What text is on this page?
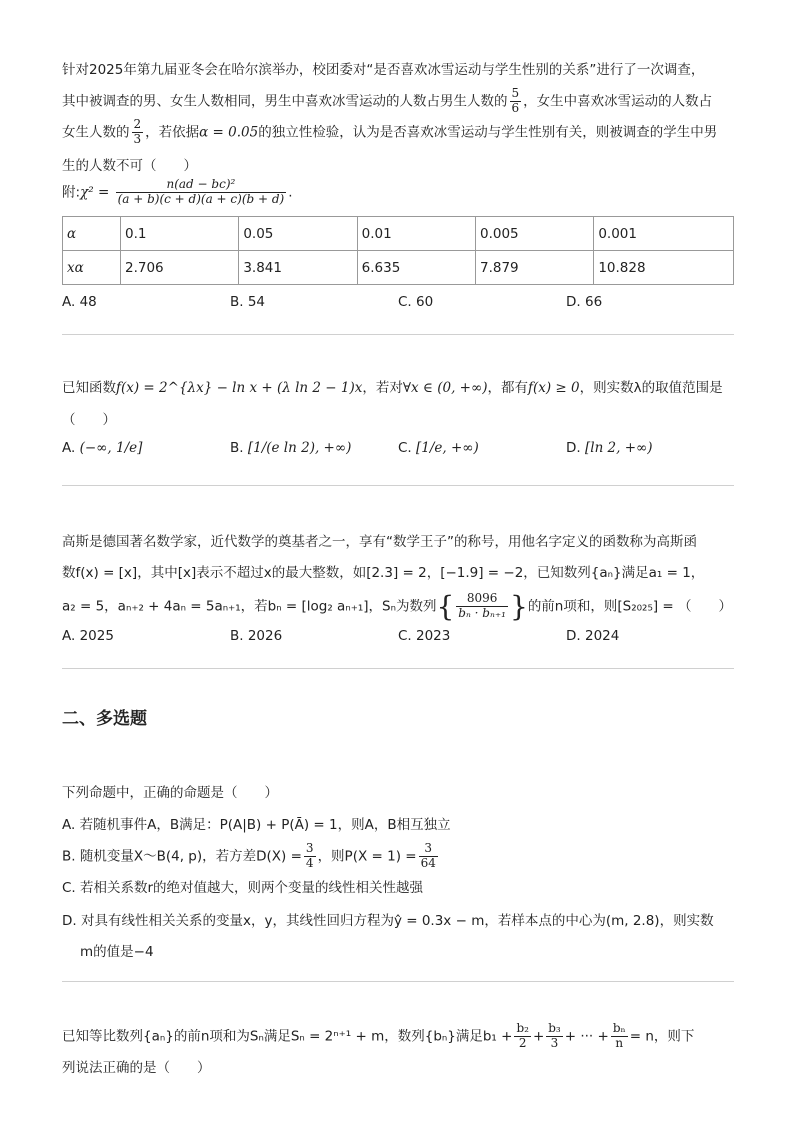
针对2025年第九届亚冬会在哈尔滨举办，校团委对“是否喜欢冰雪运动与学生性别的关系”进行了一次调查，
其中被调查的男、女生人数相同，男生中喜欢冰雪运动的人数占男生人数的 $\frac{5}{6}$ ，女生中喜欢冰雪运动的人数占
女生人数的 $\frac{2}{3}$ ，若依据α = 0.05的独立性检验，认为是否喜欢冰雪运动与学生性别有关，则被调查的学生中男
生的人数不可（　　）
附:χ² = $\frac{\text{n(ad − bc)²}}{(a + b)(c + d)(a + c)(b + d)}$ .
α	0.1	0.05	0.01	0.005	0.001
xα	2.706	3.841	6.635	7.879	10.828
A. 48	B. 54	C. 60	D. 66
已知函数f(x) = 2^{λx} − ln x + (λ ln 2 − 1)x，若对∀x ∈ (0, +∞)，都有f(x) ≥ 0，则实数λ的取值范围是
（　　）
A. (−∞, 1/e]	B. [1/(e ln 2), +∞)	C. [1/e, +∞)	D. [ln 2, +∞)
高斯是德国著名数学家，近代数学的奠基者之一，享有“数学王子”的称号，用他名字定义的函数称为高斯函
数f(x) = [x]，其中[x]表示不超过x的最大整数，如[2.3] = 2，[−1.9] = −2，已知数列{aₙ}满足a₁ = 1，
a₂ = 5，aₙ₊₂ + 4aₙ = 5aₙ₊₁，若bₙ = [log₂ aₙ₊₁]，Sₙ为数列{ $\frac{8096}{\text{bₙ · bₙ₊₁}}$ }的前n项和，则[S₂₀₂₅] = （　　）
A. 2025	B. 2026	C. 2023	D. 2024
二、多选题
下列命题中，正确的命题是（　　）
A. 若随机事件A，B满足：P(A|B) + P(Ā) = 1，则A，B相互独立
B. 随机变量X～B(4, p)，若方差$D(X) = \frac{3}{4}$ ，则$P(X = 1) = \frac{3}{64}$
C. 若相关系数r的绝对值越大，则两个变量的线性相关性越强
D. 对具有线性相关关系的变量x，y，其线性回归方程为ŷ = 0.3x − m，若样本点的中心为(m, 2.8)，则实数
m的值是−4
已知等比数列{aₙ}的前n项和为Sₙ满足Sₙ = 2ⁿ⁺¹ + m，数列{bₙ}满足$b_1 + \frac{\text{b₂}}{2} + \frac{\text{b₃}}{3}$ + ··· + $\frac{\text{bₙ}}{n} = n$，则下
列说法正确的是（　　）
